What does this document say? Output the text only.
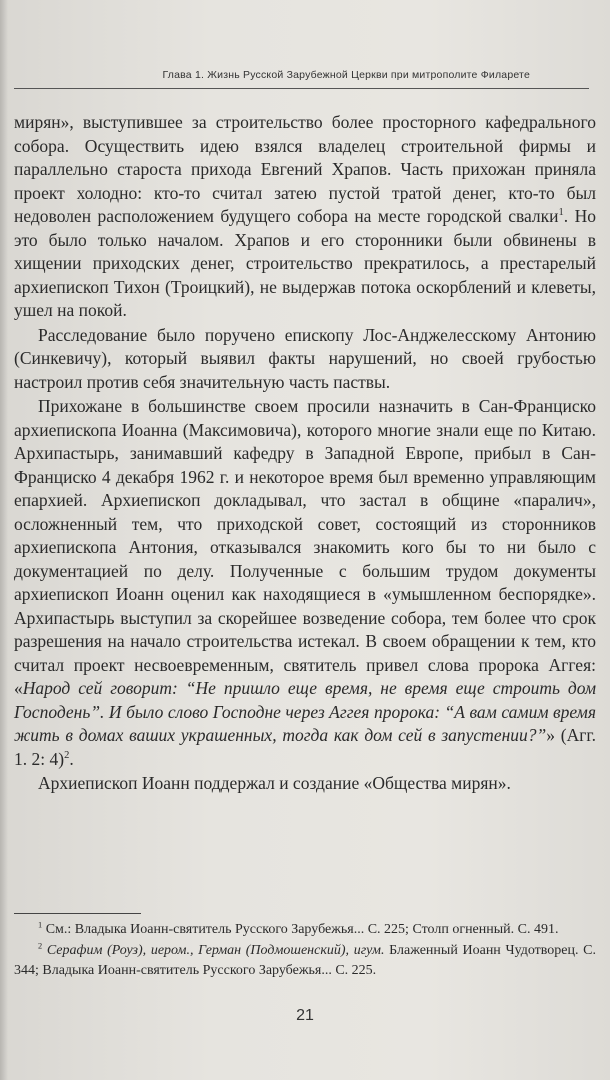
Глава 1. Жизнь Русской Зарубежной Церкви при митрополите Филарете

мирян», выступившее за строительство более просторного кафедрального собора. Осуществить идею взялся владелец строительной фирмы и параллельно староста прихода Евгений Храпов. Часть прихожан приняла проект холодно: кто-то считал затею пустой тратой денег, кто-то был недоволен расположением будущего собора на месте городской свалки$^1$. Но это было только началом. Храпов и его сторонники были обвинены в хищении приходских денег, строительство прекратилось, а престарелый архиепископ Тихон (Троицкий), не выдержав потока оскорблений и клеветы, ушел на покой.

Расследование было поручено епископу Лос-Анджелесскому Антонию (Синкевичу), который выявил факты нарушений, но своей грубостью настроил против себя значительную часть паствы.

Прихожане в большинстве своем просили назначить в Сан-Франциско архиепископа Иоанна (Максимовича), которого многие знали еще по Китаю. Архипастырь, занимавший кафедру в Западной Европе, прибыл в Сан-Франциско 4 декабря 1962 г. и некоторое время был временно управляющим епархией. Архиепископ докладывал, что застал в общине «паралич», осложненный тем, что приходской совет, состоящий из сторонников архиепископа Антония, отказывался знакомить кого бы то ни было с документацией по делу. Полученные с большим трудом документы архиепископ Иоанн оценил как находящиеся в «умышленном беспорядке». Архипастырь выступил за скорейшее возведение собора, тем более что срок разрешения на начало строительства истекал. В своем обращении к тем, кто считал проект несвоевременным, святитель привел слова пророка Аггея: «Народ сей говорит: “Не пришло еще время, не время еще строить дом Господень”. И было слово Господне через Аггея пророка: “А вам самим время жить в домах ваших украшенных, тогда как дом сей в запустении?”» (Агг. 1. 2: 4)$^2$.

Архиепископ Иоанн поддержал и создание «Общества мирян».

$^1$ См.: Владыка Иоанн-святитель Русского Зарубежья... С. 225; Столп огненный. С. 491.

$^2$ Серафим (Роуз), иером., Герман (Подмошенский), игум. Блаженный Иоанн Чудотворец. С. 344; Владыка Иоанн-святитель Русского Зарубежья... С. 225.

21
